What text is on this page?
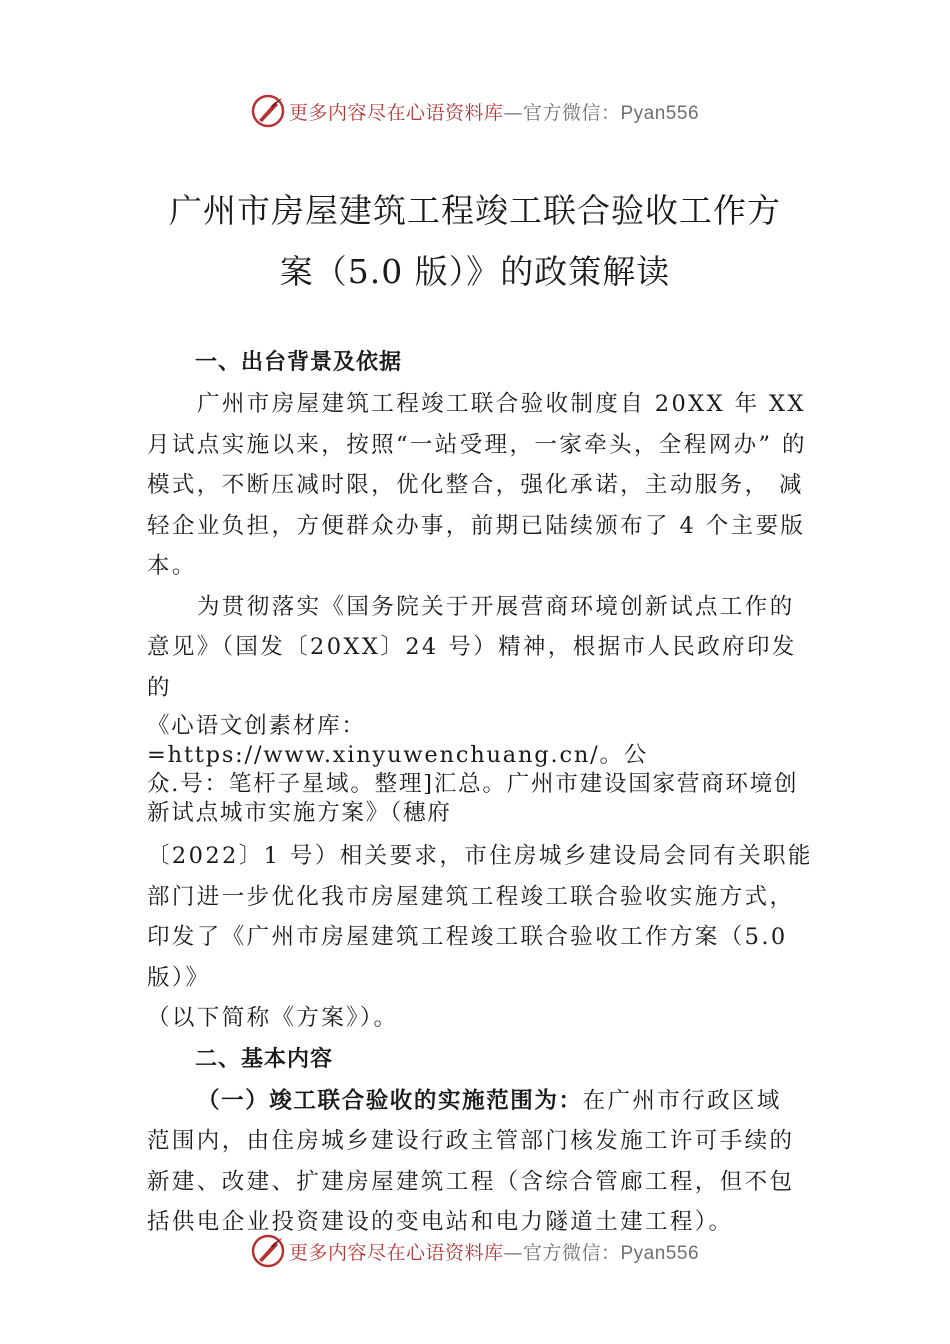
更多内容尽在心语资料库—官方微信：Pyan556
广州市房屋建筑工程竣工联合验收工作方
案（5.0 版）》的政策解读
一、出台背景及依据

广州市房屋建筑工程竣工联合验收制度自 20XX 年 XX

月试点实施以来，按照“一站受理，一家牵头，全程网办” 的

模式，不断压减时限，优化整合，强化承诺，主动服务， 减

轻企业负担，方便群众办事，前期已陆续颁布了 4 个主要版

本。

为贯彻落实《国务院关于开展营商环境创新试点工作的

意见》（国发〔20XX〕24 号）精神，根据市人民政府印发

的

《心语文创素材库：=https://www.xinyuwenchuang.cn/。公
众.号：笔杆子星域。整理]汇总。广州市建设国家营商环境创
新试点城市实施方案》（穗府

〔2022〕1 号）相关要求，市住房城乡建设局会同有关职能

部门进一步优化我市房屋建筑工程竣工联合验收实施方式，

印发了《广州市房屋建筑工程竣工联合验收工作方案（5.0

版）》

（以下简称《方案》）。

二、基本内容

（一）竣工联合验收的实施范围为：在广州市行政区域

范围内，由住房城乡建设行政主管部门核发施工许可手续的

新建、改建、扩建房屋建筑工程（含综合管廊工程，但不包

括供电企业投资建设的变电站和电力隧道土建工程）。

更多内容尽在心语资料库—官方微信：Pyan556
